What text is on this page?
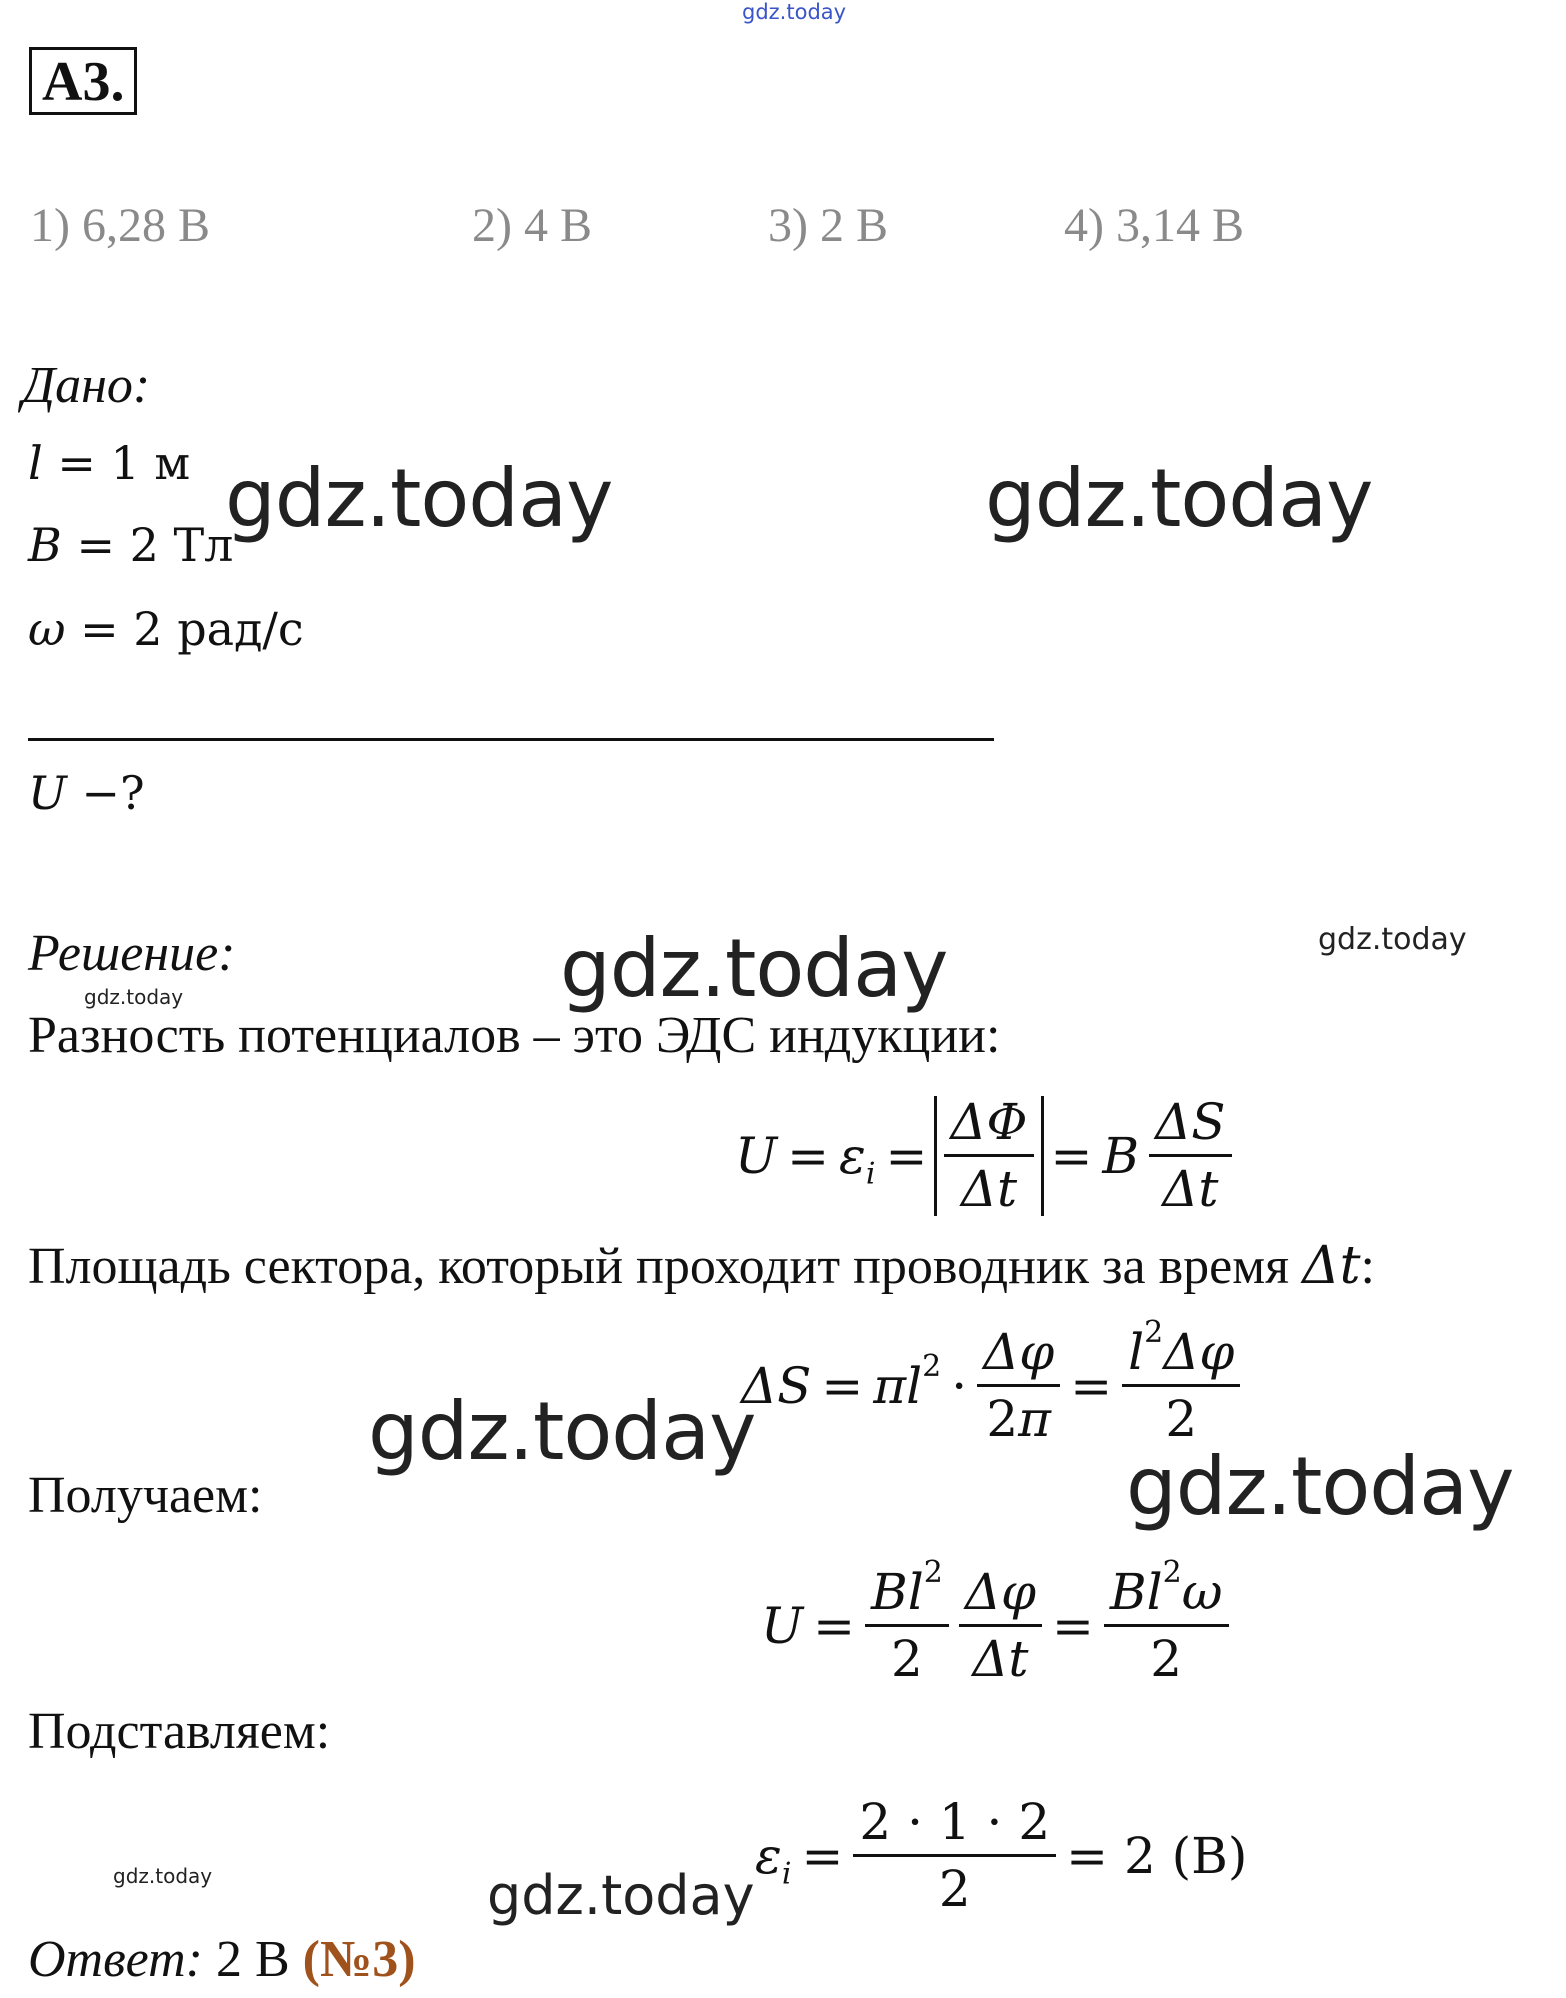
gdz.today
gdz.today	gdz.today
gdz.today	gdz.today
gdz.today
gdz.today
gdz.today
gdz.today	gdz.today
А3.
1) 6,28 В	2) 4 В	3) 2 В	4) 3,14 В
Дано:
l = 1 м
B = 2 Тл
ω = 2 рад/с
U −?
Решение:
Разность потенциалов – это ЭДС индукции:
$U = \varepsilon_i = \frac{\Delta\Phi}{\Delta t} = B \frac{\Delta S}{\Delta t}$
Площадь сектора, который проходит проводник за время Δt:
$\Delta S = \pi l^2 \cdot \frac{\Delta\varphi}{2\pi} = \frac{l^2\Delta\varphi}{2}$
Получаем:
$U = \frac{Bl^2}{2} \frac{\Delta\varphi}{\Delta t} = \frac{Bl^2\omega}{2}$
Подставляем:
$\varepsilon_i = \frac{2 \cdot 1 \cdot 2}{2} = 2$ (В)
Ответ: 2 В (№3)
